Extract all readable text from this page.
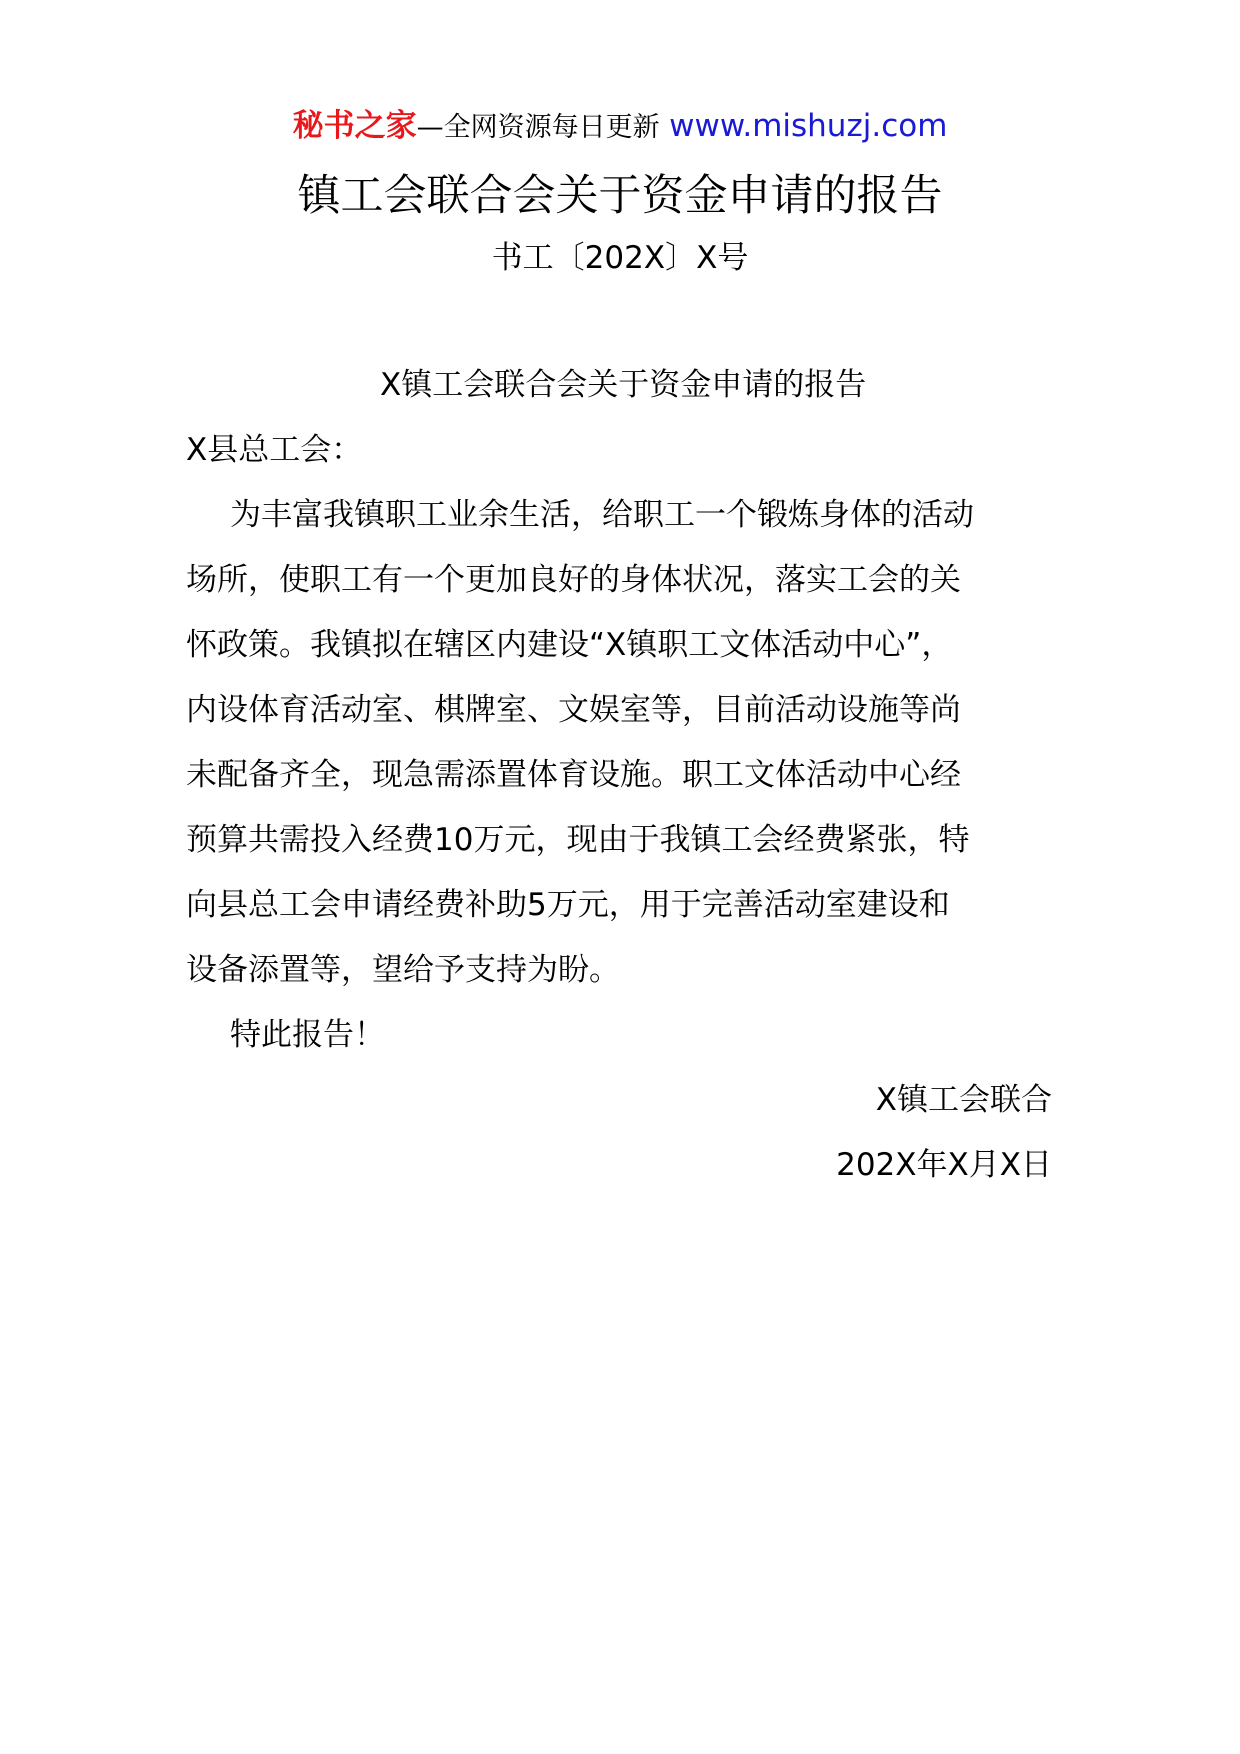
秘书之家—全网资源每日更新 www.mishuzj.com
镇工会联合会关于资金申请的报告
书工〔202X〕X号
X镇工会联合会关于资金申请的报告
X县总工会：
为丰富我镇职工业余生活，给职工一个锻炼身体的活动
场所，使职工有一个更加良好的身体状况，落实工会的关
怀政策。我镇拟在辖区内建设“X镇职工文体活动中心”，
内设体育活动室、棋牌室、文娱室等，目前活动设施等尚
未配备齐全，现急需添置体育设施。职工文体活动中心经
预算共需投入经费10万元，现由于我镇工会经费紧张，特
向县总工会申请经费补助5万元，用于完善活动室建设和
设备添置等，望给予支持为盼。
特此报告！
X镇工会联合
202X年X月X日
